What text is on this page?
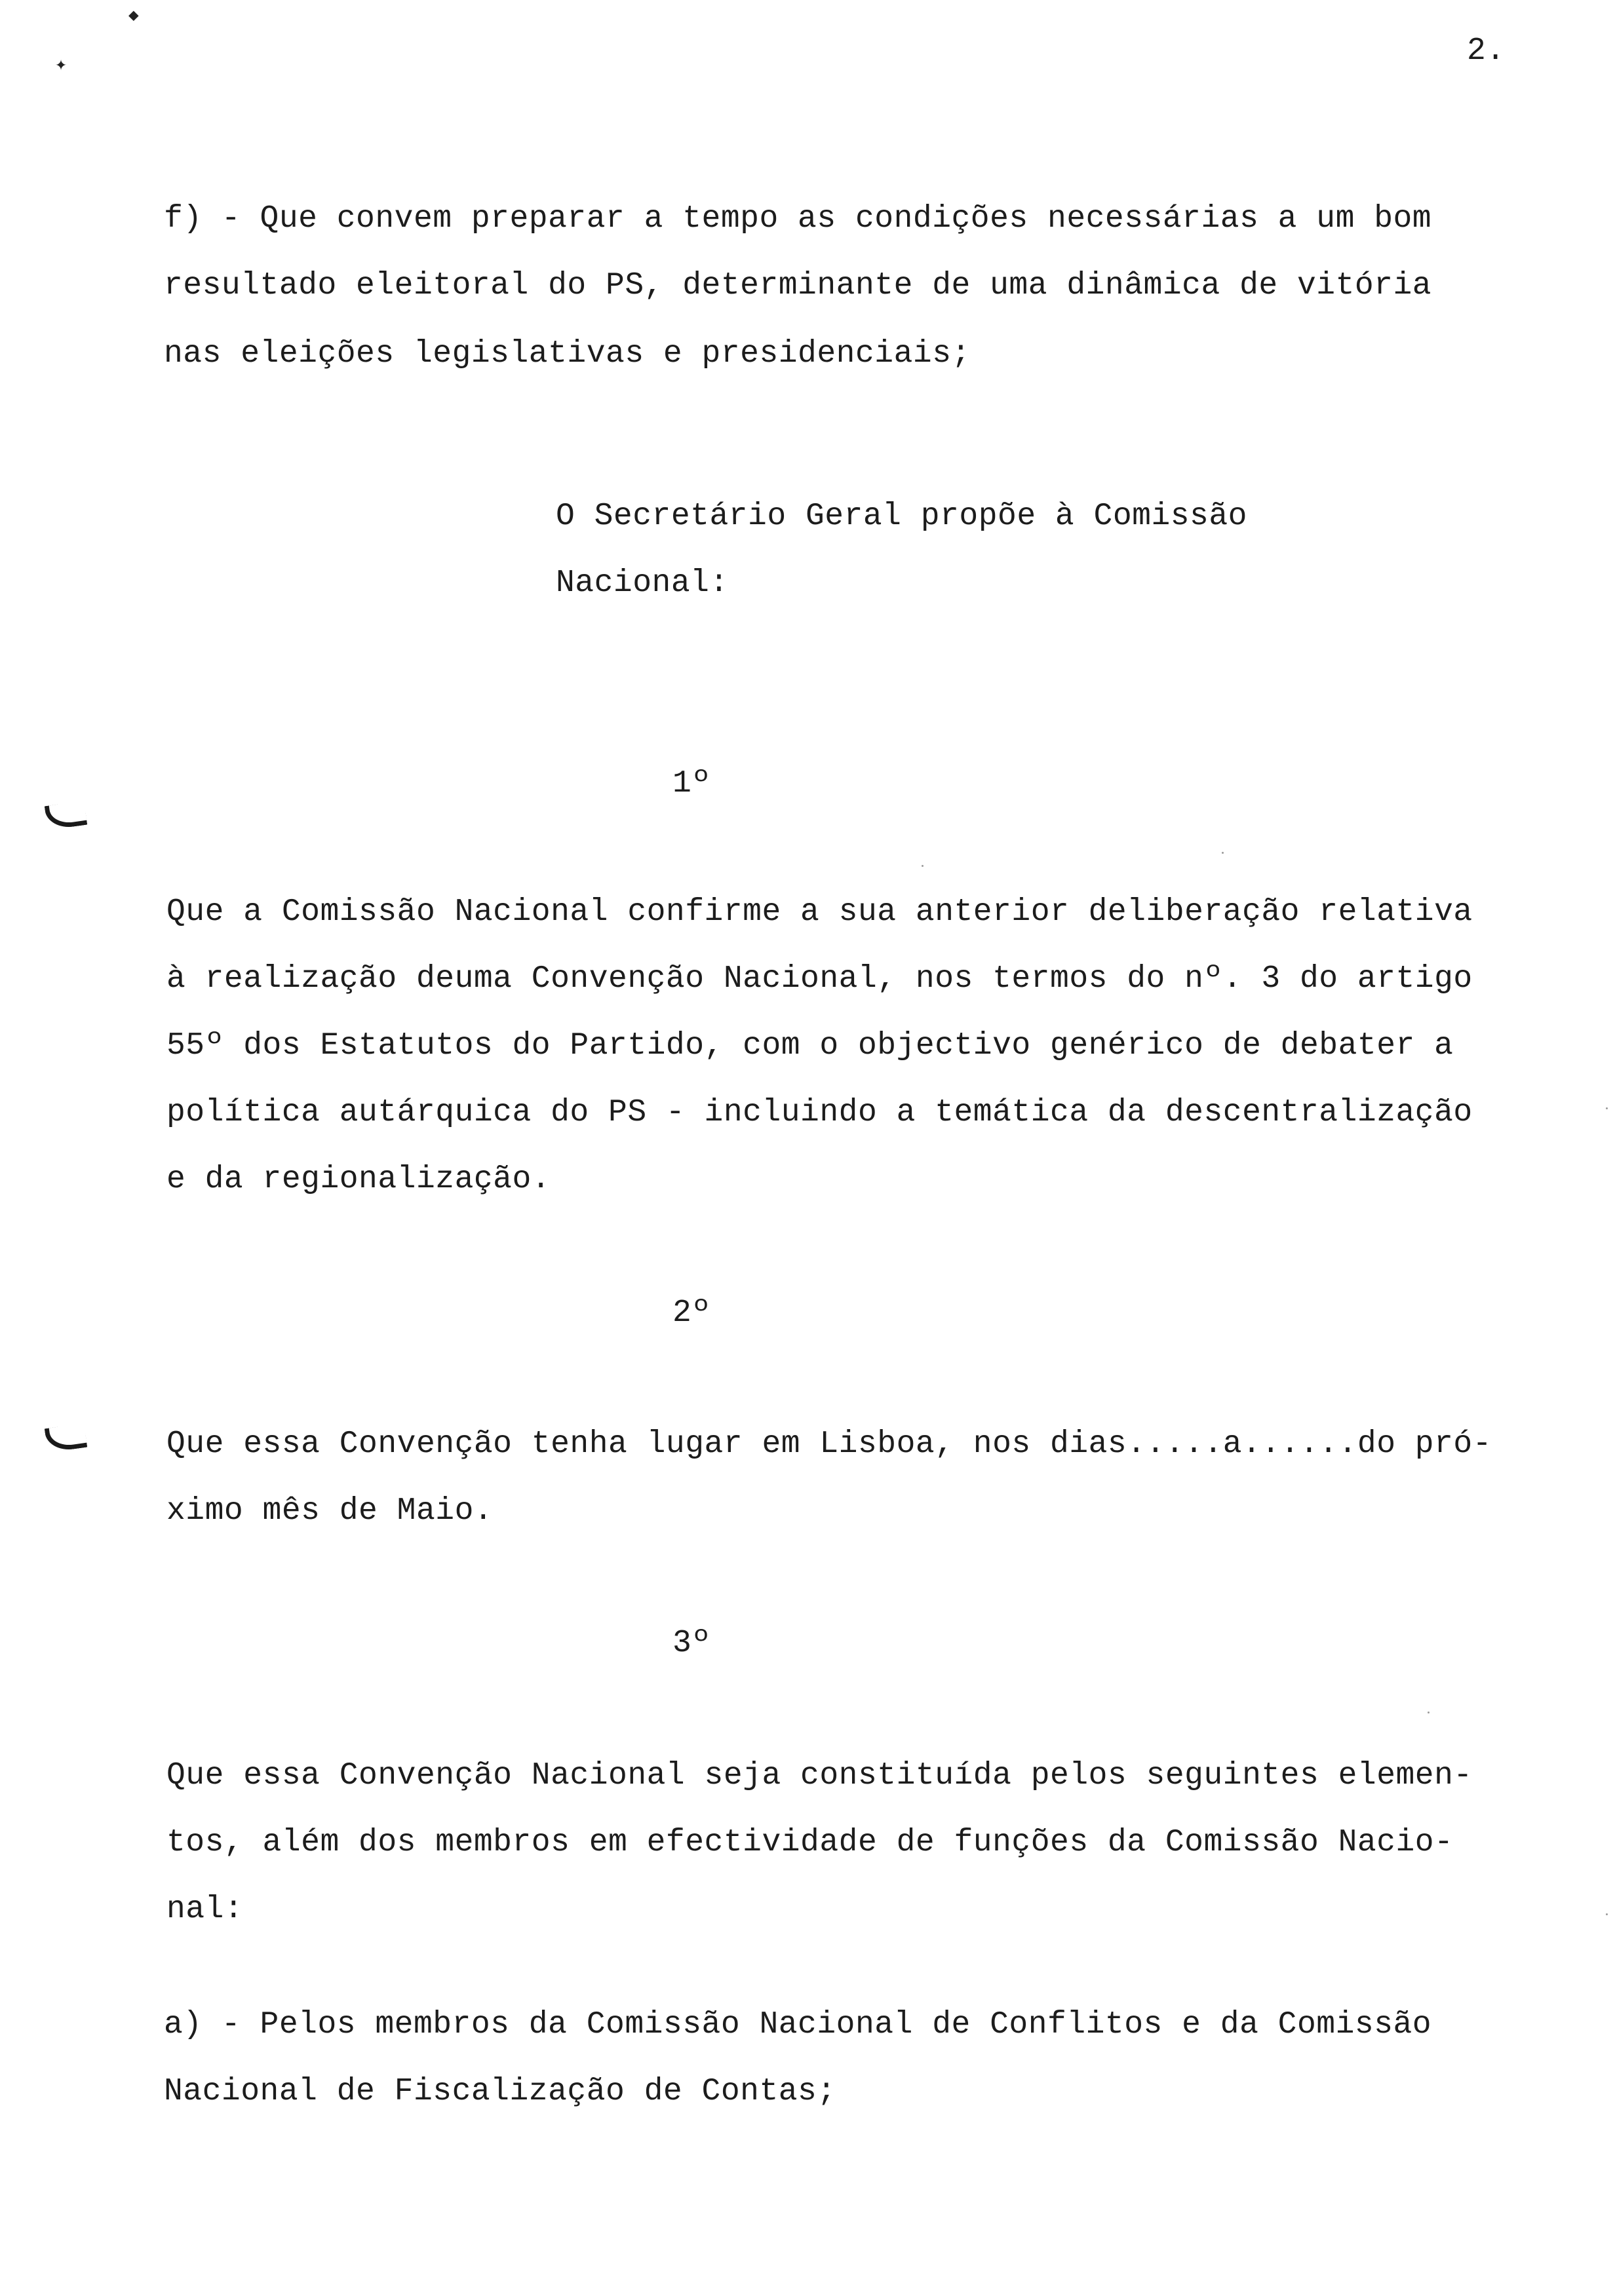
◆
✦	2.
f) - Que convem preparar a tempo as condições necessárias a um bom
resultado eleitoral do PS, determinante de uma dinâmica de vitória
nas eleições legislativas e presidenciais;
O Secretário Geral propõe à Comissão
Nacional:
1º
Que a Comissão Nacional confirme a sua anterior deliberação relativa
à realização deuma Convenção Nacional, nos termos do nº. 3 do artigo
55º dos Estatutos do Partido, com o objectivo genérico de debater a
política autárquica do PS - incluindo a temática da descentralização
e da regionalização.
2º
Que essa Convenção tenha lugar em Lisboa, nos dias.....a......do pró-
ximo mês de Maio.
3º
Que essa Convenção Nacional seja constituída pelos seguintes elemen-
tos, além dos membros em efectividade de funções da Comissão Nacio-
nal:
a) - Pelos membros da Comissão Nacional de Conflitos e da Comissão
Nacional de Fiscalização de Contas;
